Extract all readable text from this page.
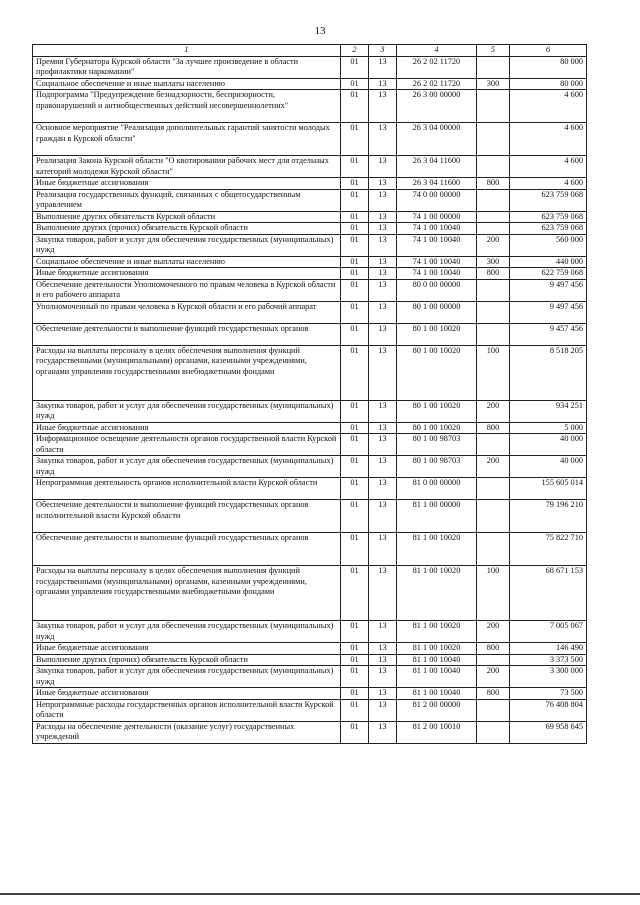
13
1	2	3	4	5	6
Премия Губернатора Курской области "За лучшее произведение в области профилактики наркомании"	01	13	26 2 02 11720		80 000
Социальное обеспечение и иные выплаты населению	01	13	26 2 02 11720	300	80 000
Подпрограмма "Предупреждение безнадзорности, беспризорности, правонарушений и антиобщественных действий несовершеннолетних"	01	13	26 3 00 00000		4 600
Основное мероприятие "Реализация дополнительных гарантий занятости молодых граждан в Курской области"	01	13	26 3 04 00000		4 600
Реализация Закона Курской области "О квотировании рабочих мест для отдельных категорий молодежи Курской области"	01	13	26 3 04 11600		4 600
Иные бюджетные ассигнования	01	13	26 3 04 11600	800	4 600
Реализация государственных функций, связанных с общегосударственным управлением	01	13	74 0 00 00000		623 759 068
Выполнение других обязательств Курской области	01	13	74 1 00 00000		623 759 068
Выполнение других (прочих) обязательств Курской области	01	13	74 1 00 10040		623 759 068
Закупка товаров, работ и услуг для обеспечения государственных (муниципальных) нужд	01	13	74 1 00 10040	200	560 000
Социальное обеспечение и иные выплаты населению	01	13	74 1 00 10040	300	440 000
Иные бюджетные ассигнования	01	13	74 1 00 10040	800	622 759 068
Обеспечение деятельности Уполномоченного по правам человека в Курской области и его рабочего аппарата	01	13	80 0 00 00000		9 497 456
Уполномоченный по правам человека в Курской области и его рабочий аппарат	01	13	80 1 00 00000		9 497 456
Обеспечение деятельности и выполнение функций государственных органов	01	13	80 1 00 10020		9 457 456
Расходы на выплаты персоналу в целях обеспечения выполнения функций государственными (муниципальными) органами, казенными учреждениями, органами управления государственными внебюджетными фондами	01	13	80 1 00 10020	100	8 518 205
Закупка товаров, работ и услуг для обеспечения государственных (муниципальных) нужд	01	13	80 1 00 10020	200	934 251
Иные бюджетные ассигнования	01	13	80 1 00 10020	800	5 000
Информационное освещение деятельности органов государственной власти Курской области	01	13	80 1 00 98703		40 000
Закупка товаров, работ и услуг для обеспечения государственных (муниципальных) нужд	01	13	80 1 00 98703	200	40 000
Непрограммная деятельность органов исполнительной власти Курской области	01	13	81 0 00 00000		155 605 014
Обеспечение деятельности и выполнение функций государственных органов исполнительной власти Курской области	01	13	81 1 00 00000		79 196 210
Обеспечение деятельности и выполнение функций государственных органов	01	13	81 1 00 10020		75 822 710
Расходы на выплаты персоналу в целях обеспечения выполнения функций государственными (муниципальными) органами, казенными учреждениями, органами управления государственными внебюджетными фондами	01	13	81 1 00 10020	100	68 671 153
Закупка товаров, работ и услуг для обеспечения государственных (муниципальных) нужд	01	13	81 1 00 10020	200	7 005 067
Иные бюджетные ассигнования	01	13	81 1 00 10020	800	146 490
Выполнение других (прочих) обязательств Курской области	01	13	81 1 00 10040		3 373 500
Закупка товаров, работ и услуг для обеспечения государственных (муниципальных) нужд	01	13	81 1 00 10040	200	3 300 000
Иные бюджетные ассигнования	01	13	81 1 00 10040	800	73 500
Непрограммные расходы государственных органов исполнительной власти Курской области	01	13	81 2 00 00000		76 408 804
Расходы на обеспечение деятельности (оказание услуг) государственных учреждений	01	13	81 2 00 10010		69 958 645
